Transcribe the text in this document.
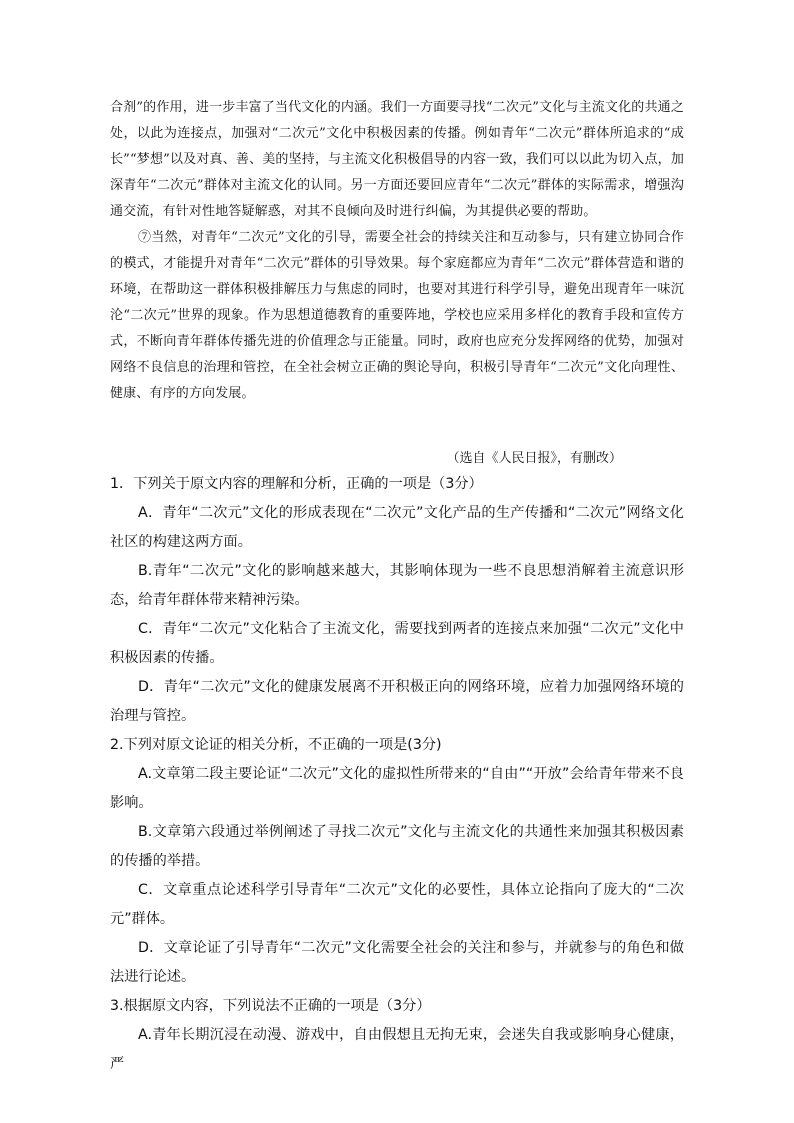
合剂”的作用，进一步丰富了当代文化的内涵。我们一方面要寻找“二次元”文化与主流文化的共通之处，以此为连接点，加强对“二次元”文化中积极因素的传播。例如青年“二次元”群体所追求的“成长”“梦想”以及对真、善、美的坚持，与主流文化积极倡导的内容一致，我们可以以此为切入点，加深青年“二次元”群体对主流文化的认同。另一方面还要回应青年“二次元”群体的实际需求，增强沟通交流，有针对性地答疑解惑，对其不良倾向及时进行纠偏，为其提供必要的帮助。

⑦当然，对青年“二次元”文化的引导，需要全社会的持续关注和互动参与，只有建立协同合作的模式，才能提升对青年“二次元”群体的引导效果。每个家庭都应为青年“二次元”群体营造和谐的环境，在帮助这一群体积极排解压力与焦虑的同时，也要对其进行科学引导，避免出现青年一味沉沦“二次元”世界的现象。作为思想道德教育的重要阵地，学校也应采用多样化的教育手段和宣传方式，不断向青年群体传播先进的价值理念与正能量。同时，政府也应充分发挥网络的优势，加强对网络不良信息的治理和管控，在全社会树立正确的舆论导向，积极引导青年“二次元”文化向理性、健康、有序的方向发展。

（选自《人民日报》，有删改）

1．下列关于原文内容的理解和分析，正确的一项是（3分）

A．青年“二次元”文化的形成表现在“二次元”文化产品的生产传播和“二次元”网络文化社区的构建这两方面。

B.青年“二次元”文化的影响越来越大，其影响体现为一些不良思想消解着主流意识形态，给青年群体带来精神污染。

C．青年“二次元”文化粘合了主流文化，需要找到两者的连接点来加强“二次元”文化中积极因素的传播。

D．青年“二次元”文化的健康发展离不开积极正向的网络环境，应着力加强网络环境的治理与管控。

2.下列对原文论证的相关分析，不正确的一项是(3分)

A.文章第二段主要论证“二次元”文化的虚拟性所带来的“自由”“开放”会给青年带来不良影响。

B.文章第六段通过举例阐述了寻找二次元”文化与主流文化的共通性来加强其积极因素的传播的举措。

C．文章重点论述科学引导青年“二次元”文化的必要性，具体立论指向了庞大的“二次元”群体。

D．文章论证了引导青年“二次元”文化需要全社会的关注和参与，并就参与的角色和做法进行论述。

3.根据原文内容，下列说法不正确的一项是（3分）

A.青年长期沉浸在动漫、游戏中，自由假想且无拘无束，会迷失自我或影响身心健康，严
